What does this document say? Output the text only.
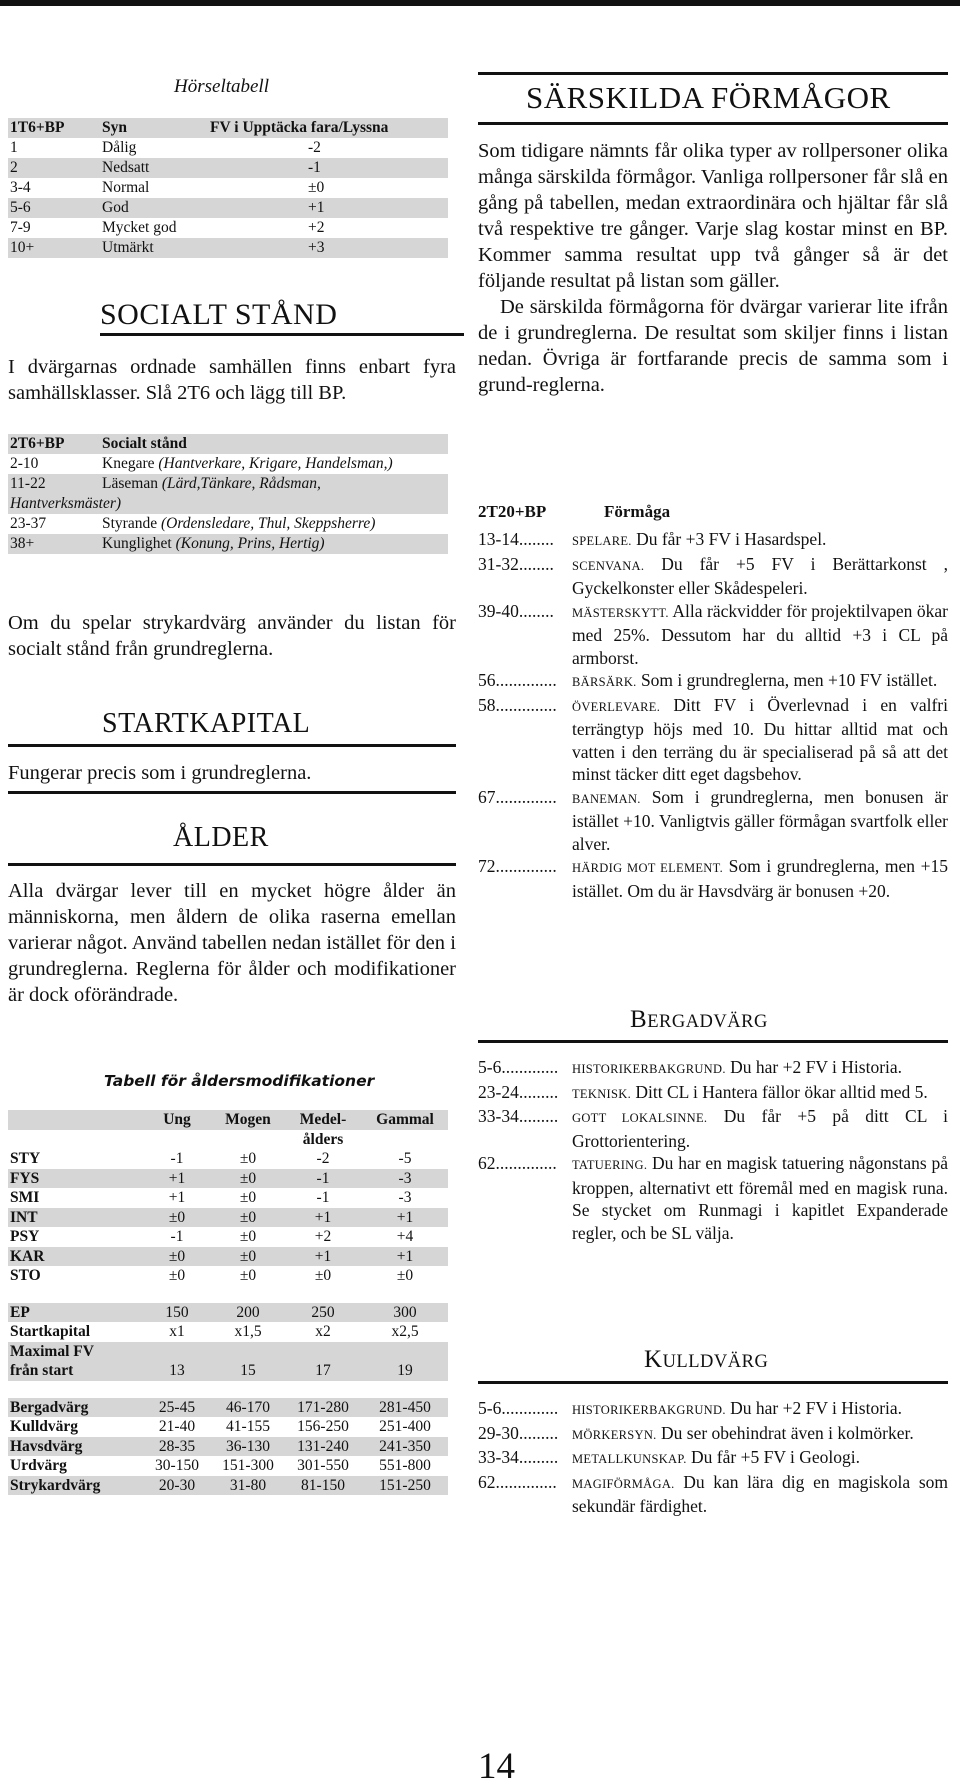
Hörseltabell
1T6+BP	Syn	FV i Upptäcka fara/Lyssna
1	Dålig	-2
2	Nedsatt	-1
3-4	Normal	±0
5-6	God	+1
7-9	Mycket god	+2
10+	Utmärkt	+3
SOCIALT STÅND
I dvärgarnas ordnade samhällen finns enbart fyra samhällsklasser. Slå 2T6 och lägg till BP.
2T6+BP	Socialt stånd
2-10	Knegare (Hantverkare, Krigare, Handelsman,)
11-22	Läseman (Lärd,Tänkare, Rådsman,
Hantverksmäster)	
23-37	Styrande (Ordensledare, Thul, Skeppsherre)
38+	Kunglighet (Konung, Prins, Hertig)
Om du spelar strykardvärg använder du listan för socialt stånd från grundreglerna.
STARTKAPITAL
Fungerar precis som i grundreglerna.
ÅLDER
Alla dvärgar lever till en mycket högre ålder än människorna, men åldern de olika raserna emellan varierar något. Använd tabellen nedan istället för den i grundreglerna. Reglerna för ålder och modifikationer är dock oförändrade.
Tabell för åldersmodifikationer
	Ung	Mogen	Medel-	Gammal
			ålders	
STY	-1	±0	-2	-5
FYS	+1	±0	-1	-3
SMI	+1	±0	-1	-3
INT	±0	±0	+1	+1
PSY	-1	±0	+2	+4
KAR	±0	±0	+1	+1
STO	±0	±0	±0	±0

EP	150	200	250	300
Startkapital	x1	x1,5	x2	x2,5
Maximal FV				
från start	13	15	17	19

Bergadvärg	25-45	46-170	171-280	281-450
Kulldvärg	21-40	41-155	156-250	251-400
Havsdvärg	28-35	36-130	131-240	241-350
Urdvärg	30-150	151-300	301-550	551-800
Strykardvärg	20-30	31-80	81-150	151-250
SÄRSKILDA FÖRMÅGOR

Som tidigare nämnts får olika typer av rollpersoner olika många särskilda förmågor. Vanliga rollpersoner får slå en gång på tabellen, medan extraordinära och hjältar får slå två respektive tre gånger. Varje slag kostar minst en BP. Kommer samma resultat upp två gånger så är det följande resultat på listan som gäller.

De särskilda förmågorna för dvärgar varierar lite ifrån de i grundreglerna. De resultat som skiljer finns i listan nedan. Övriga är fortfarande precis de samma som i grund-reglerna.

2T20+BP	Förmåga
13-14........	SPELARE. Du får +3 FV i Hasardspel.
31-32........	SCENVANA. Du får +5 FV i Berättarkonst , Gyckelkonster eller Skådespeleri.
39-40........	MÄSTERSKYTT. Alla räckvidder för projektilvapen ökar med 25%. Dessutom har du alltid +3 i CL på armborst.
56..............	BÄRSÄRK. Som i grundreglerna, men +10 FV istället.
58..............	ÖVERLEVARE. Ditt FV i Överlevnad i en valfri terrängtyp höjs med 10. Du hittar alltid mat och vatten i den terräng du är specialiserad på så att det minst täcker ditt eget dagsbehov.
67..............	BANEMAN. Som i grundreglerna, men bonusen är istället +10. Vanligtvis gäller förmågan svartfolk eller alver.
72..............	HÄRDIG MOT ELEMENT. Som i grundreglerna, men +15 istället. Om du är Havsdvärg är bonusen +20.
BERGADVÄRG
5-6.............	HISTORIKERBAKGRUND. Du har +2 FV i Historia.
23-24.........	TEKNISK. Ditt CL i Hantera fällor ökar alltid med 5.
33-34.........	GOTT LOKALSINNE. Du får +5 på ditt CL i Grottorientering.
62..............	TATUERING. Du har en magisk tatuering någonstans på kroppen, alternativt ett föremål med en magisk runa. Se stycket om Runmagi i kapitlet Expanderade regler, och be SL välja.
KULLDVÄRG
5-6.............	HISTORIKERBAKGRUND. Du har +2 FV i Historia.
29-30.........	MÖRKERSYN. Du ser obehindrat även i kolmörker.
33-34.........	METALLKUNSKAP. Du får +5 FV i Geologi.
62..............	MAGIFÖRMÅGA. Du kan lära dig en magiskola som sekundär färdighet.
14
